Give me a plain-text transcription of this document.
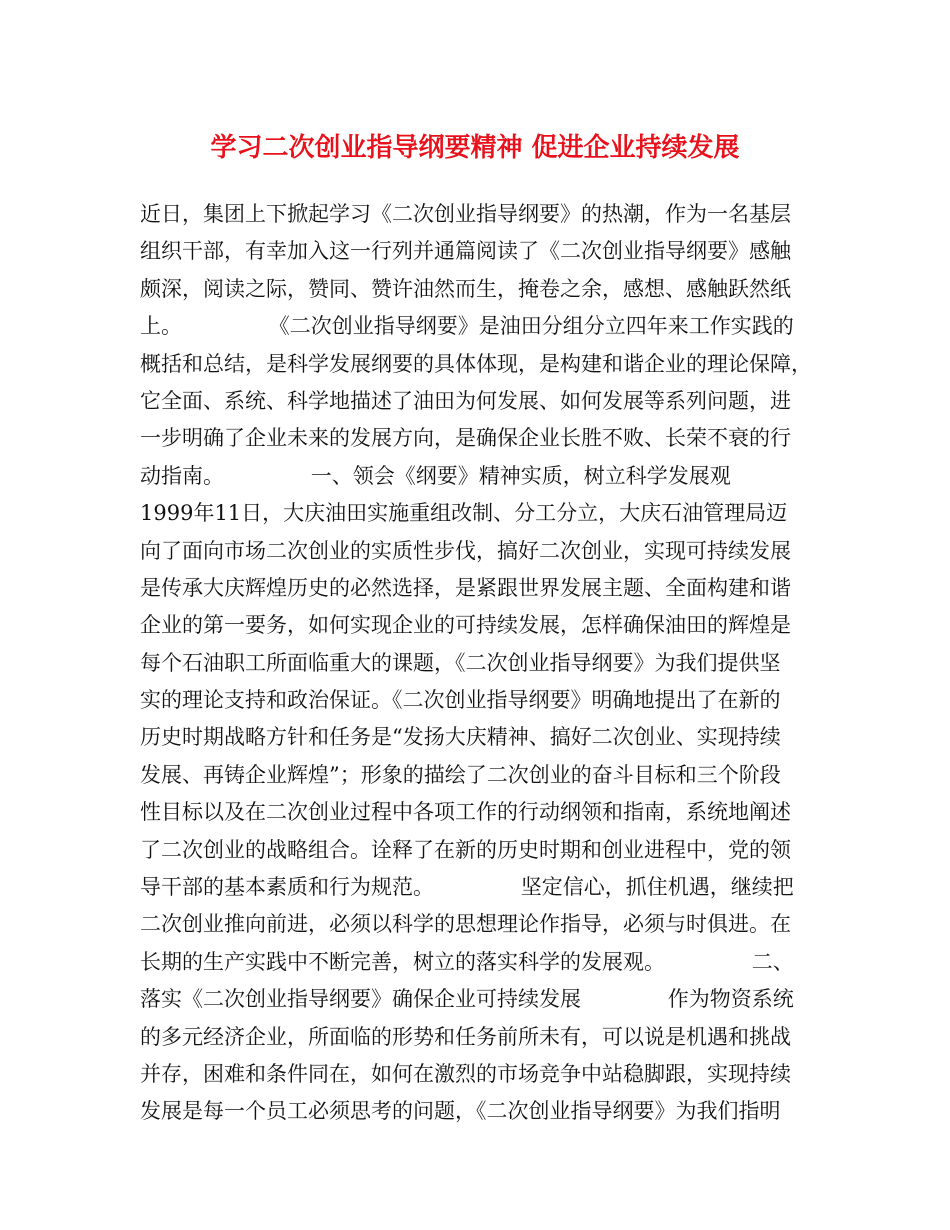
学习二次创业指导纲要精神 促进企业持续发展
近日，集团上下掀起学习《二次创业指导纲要》的热潮，作为一名基层
组织干部，有幸加入这一行列并通篇阅读了《二次创业指导纲要》感触
颇深，阅读之际，赞同、赞许油然而生，掩卷之余，感想、感触跃然纸
上。             《二次创业指导纲要》是油田分组分立四年来工作实践的
概括和总结，是科学发展纲要的具体体现，是构建和谐企业的理论保障，
它全面、系统、科学地描述了油田为何发展、如何发展等系列问题，进
一步明确了企业未来的发展方向，是确保企业长胜不败、长荣不衰的行
动指南。             一、领会《纲要》精神实质，树立科学发展观
1999年11日，大庆油田实施重组改制、分工分立，大庆石油管理局迈
向了面向市场二次创业的实质性步伐，搞好二次创业，实现可持续发展
是传承大庆辉煌历史的必然选择，是紧跟世界发展主题、全面构建和谐
企业的第一要务，如何实现企业的可持续发展，怎样确保油田的辉煌是
每个石油职工所面临重大的课题，《二次创业指导纲要》为我们提供坚
实的理论支持和政治保证。《二次创业指导纲要》明确地提出了在新的
历史时期战略方针和任务是“发扬大庆精神、搞好二次创业、实现持续
发展、再铸企业辉煌”；形象的描绘了二次创业的奋斗目标和三个阶段
性目标以及在二次创业过程中各项工作的行动纲领和指南，系统地阐述
了二次创业的战略组合。诠释了在新的历史时期和创业进程中，党的领
导干部的基本素质和行为规范。             坚定信心，抓住机遇，继续把
二次创业推向前进，必须以科学的思想理论作指导，必须与时俱进。在
长期的生产实践中不断完善，树立的落实科学的发展观。             二、
落实《二次创业指导纲要》确保企业可持续发展             作为物资系统
的多元经济企业，所面临的形势和任务前所未有，可以说是机遇和挑战
并存，困难和条件同在，如何在激烈的市场竞争中站稳脚跟，实现持续
发展是每一个员工必须思考的问题，《二次创业指导纲要》为我们指明
